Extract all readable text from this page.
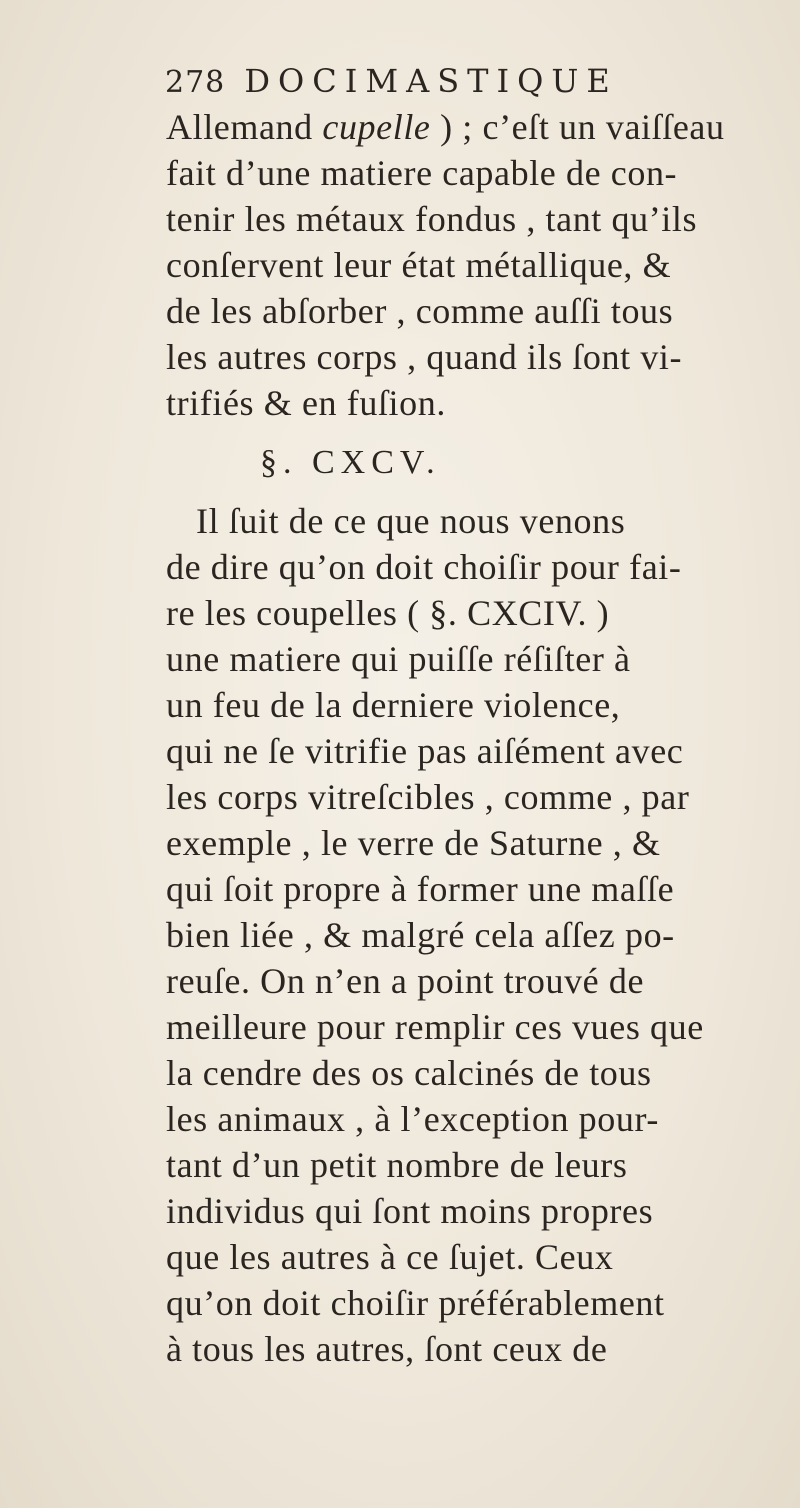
278 DOCIMASTIQUE
Allemand cupelle ) ; c’eſt un vaiſſeau
fait d’une matiere capable de con-
tenir les métaux fondus , tant qu’ils
conſervent leur état métallique, &
de les abſorber , comme auſſi tous
les autres corps , quand ils ſont vi-
trifiés & en fuſion.
§. CXCV.
Il ſuit de ce que nous venons
de dire qu’on doit choiſir pour fai-
re les coupelles ( §. CXCIV. )
une matiere qui puiſſe réſiſter à
un feu de la derniere violence,
qui ne ſe vitrifie pas aiſément avec
les corps vitreſcibles , comme , par
exemple , le verre de Saturne , &
qui ſoit propre à former une maſſe
bien liée , & malgré cela aſſez po-
reuſe. On n’en a point trouvé de
meilleure pour remplir ces vues que
la cendre des os calcinés de tous
les animaux , à l’exception pour-
tant d’un petit nombre de leurs
individus qui ſont moins propres
que les autres à ce ſujet. Ceux
qu’on doit choiſir préférablement
à tous les autres, ſont ceux de
